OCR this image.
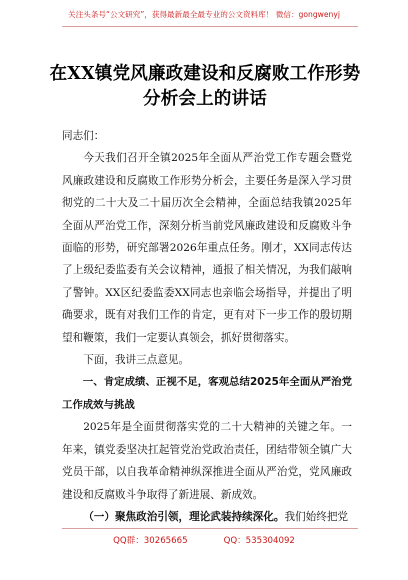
关注头条号“公文研究”，获得最新最全最专业的公文资料库！ 微信：gongwenyj
在XX镇党风廉政建设和反腐败工作形势
分析会上的讲话

同志们：

今天我们召开全镇2025年全面从严治党工作专题会暨党风廉政建设和反腐败工作形势分析会，主要任务是深入学习贯彻党的二十大及二十届历次全会精神，全面总结我镇2025年全面从严治党工作，深刻分析当前党风廉政建设和反腐败斗争面临的形势，研究部署2026年重点任务。刚才，XX同志传达了上级纪委监委有关会议精神，通报了相关情况，为我们敲响了警钟。XX区纪委监委XX同志也亲临会场指导，并提出了明确要求，既有对我们工作的肯定，更有对下一步工作的殷切期望和鞭策，我们一定要认真领会，抓好贯彻落实。

下面，我讲三点意见。

一、肯定成绩、正视不足，客观总结2025年全面从严治党工作成效与挑战

2025年是全面贯彻落实党的二十大精神的关键之年。一年来，镇党委坚决扛起管党治党政治责任，团结带领全镇广大党员干部，以自我革命精神纵深推进全面从严治党，党风廉政建设和反腐败斗争取得了新进展、新成效。

（一）聚焦政治引领，理论武装持续深化。我们始终把党

QQ群：30265665	QQ：535304092
